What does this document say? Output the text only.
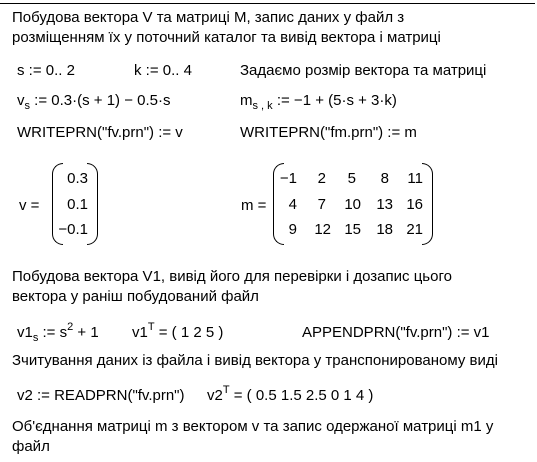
Побудова вектора V та матриці М, запис даних у файл з
розміщенням їх у поточний каталог та вивід вектора і матриці
s := 0.. 2	k := 0.. 4	Задаємо розмір вектора та матриці
$v_s$ := 0.3·(s + 1) − 0.5·s	$m_{s , k}$ := −1 + (5·s + 3·k)
WRITEPRN("fv.prn") := v	WRITEPRN("fm.prn") := m
v =
0.3
0.1
−0.1
m =
−1 2 5 8 11
4 7 10 13 16
9 12 15 18 21
Побудова вектора V1, вивід його для перевірки і дозапис цього
вектора у раніш побудований файл
$v1_s$ := $s^2 + 1$ $v1^T$ = ( 1 2 5 )	APPENDPRN("fv.prn") := v1
Зчитування даних із файла і вивід вектора у транспонированому виді
v2 := READPRN("fv.prn") $v2^T$ = ( 0.5 1.5 2.5 0 1 4 )
Об'єднання матриці m з вектором v та запис одержаної матриці m1 у
файл
